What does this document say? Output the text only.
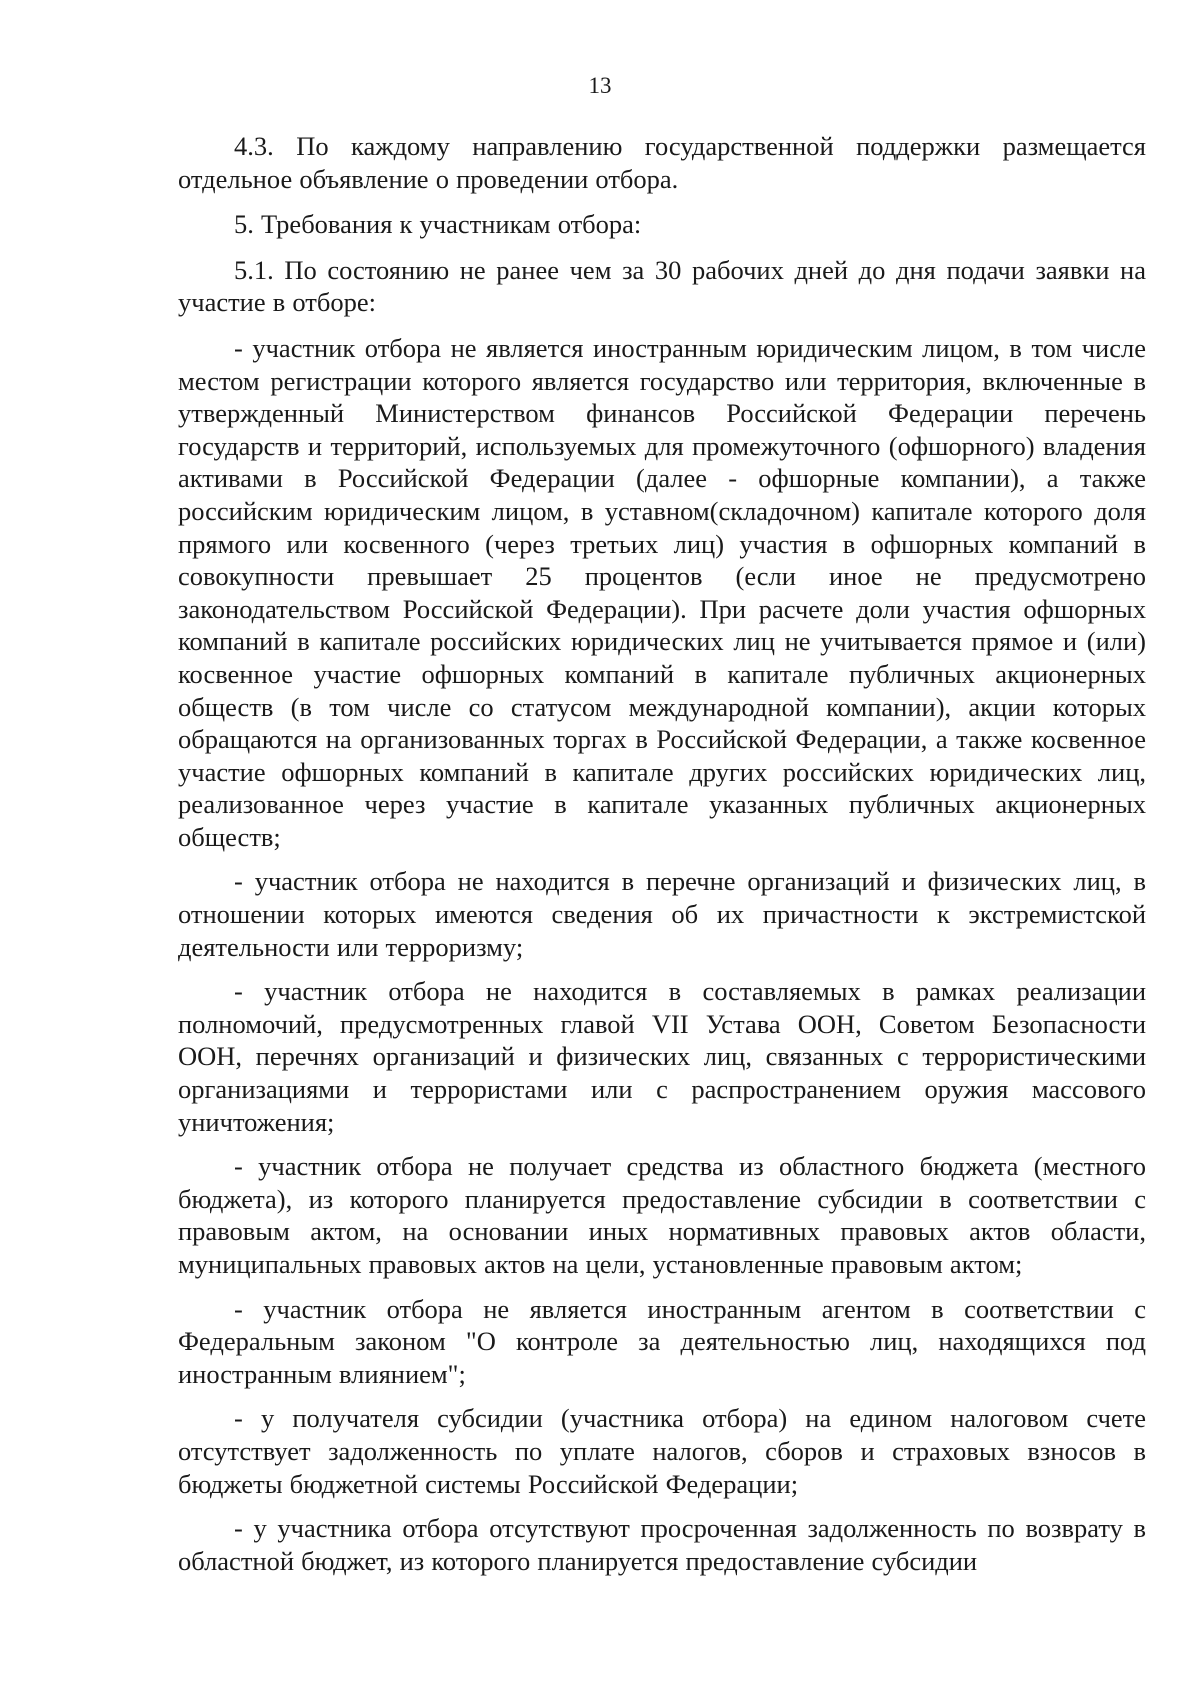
13

4.3. По каждому направлению государственной поддержки размещается отдельное объявление о проведении отбора.

5. Требования к участникам отбора:

5.1. По состоянию не ранее чем за 30 рабочих дней до дня подачи заявки на участие в отборе:

- участник отбора не является иностранным юридическим лицом, в том числе местом регистрации которого является государство или территория, включенные в утвержденный Министерством финансов Российской Федерации перечень государств и территорий, используемых для промежуточного (офшорного) владения активами в Российской Федерации (далее - офшорные компании), а также российским юридическим лицом, в уставном(складочном) капитале которого доля прямого или косвенного (через третьих лиц) участия в офшорных компаний в совокупности превышает 25 процентов (если иное не предусмотрено законодательством Российской Федерации). При расчете доли участия офшорных компаний в капитале российских юридических лиц не учитывается прямое и (или) косвенное участие офшорных компаний в капитале публичных акционерных обществ (в том числе со статусом международной компании), акции которых обращаются на организованных торгах в Российской Федерации, а также косвенное участие офшорных компаний в капитале других российских юридических лиц, реализованное через участие в капитале указанных публичных акционерных обществ;

- участник отбора не находится в перечне организаций и физических лиц, в отношении которых имеются сведения об их причастности к экстремистской деятельности или терроризму;

- участник отбора не находится в составляемых в рамках реализации полномочий, предусмотренных главой VII Устава ООН, Советом Безопасности ООН, перечнях организаций и физических лиц, связанных с террористическими организациями и террористами или с распространением оружия массового уничтожения;

- участник отбора не получает средства из областного бюджета (местного бюджета), из которого планируется предоставление субсидии в соответствии с правовым актом, на основании иных нормативных правовых актов области, муниципальных правовых актов на цели, установленные правовым актом;

- участник отбора не является иностранным агентом в соответствии с Федеральным законом "О контроле за деятельностью лиц, находящихся под иностранным влиянием";

- у получателя субсидии (участника отбора) на едином налоговом счете отсутствует задолженность по уплате налогов, сборов и страховых взносов в бюджеты бюджетной системы Российской Федерации;

- у участника отбора отсутствуют просроченная задолженность по возврату в областной бюджет, из которого планируется предоставление субсидии
